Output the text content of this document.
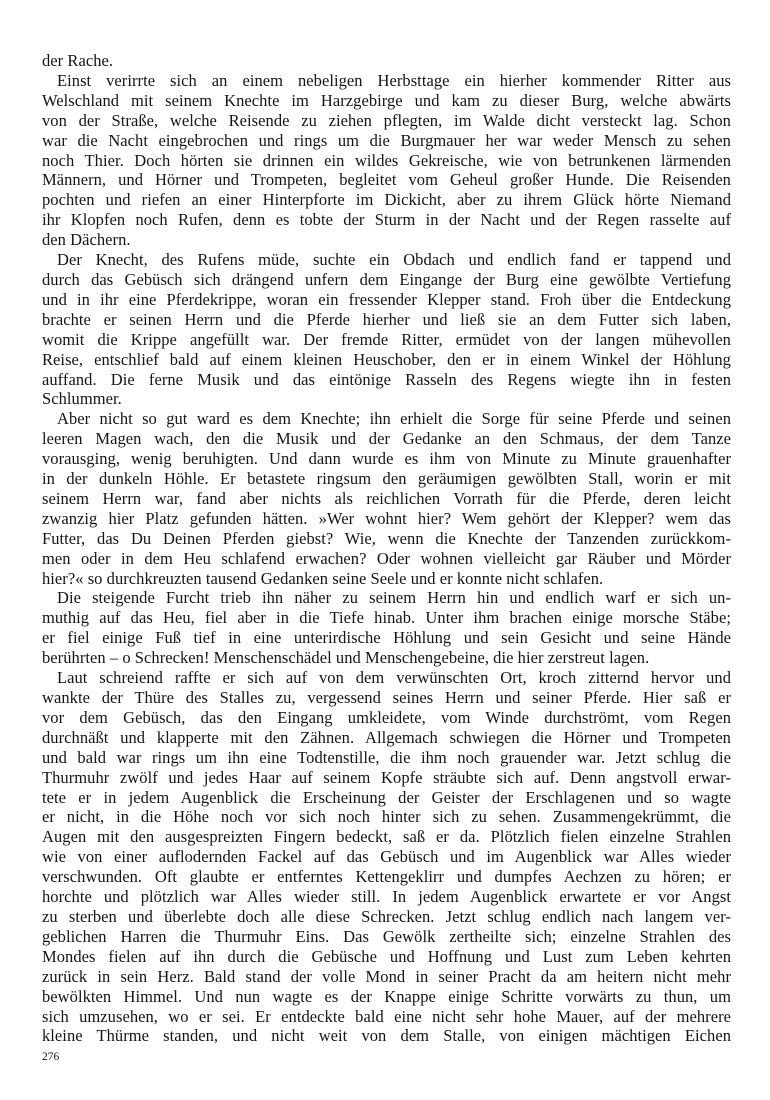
der Rache.
Einst verirrte sich an einem nebeligen Herbsttage ein hierher kommender Ritter aus
Welschland mit seinem Knechte im Harzgebirge und kam zu dieser Burg, welche abwärts
von der Straße, welche Reisende zu ziehen pflegten, im Walde dicht versteckt lag. Schon
war die Nacht eingebrochen und rings um die Burgmauer her war weder Mensch zu sehen
noch Thier. Doch hörten sie drinnen ein wildes Gekreische, wie von betrunkenen lärmenden
Männern, und Hörner und Trompeten, begleitet vom Geheul großer Hunde. Die Reisenden
pochten und riefen an einer Hinterpforte im Dickicht, aber zu ihrem Glück hörte Niemand
ihr Klopfen noch Rufen, denn es tobte der Sturm in der Nacht und der Regen rasselte auf
den Dächern.
Der Knecht, des Rufens müde, suchte ein Obdach und endlich fand er tappend und
durch das Gebüsch sich drängend unfern dem Eingange der Burg eine gewölbte Vertiefung
und in ihr eine Pferdekrippe, woran ein fressender Klepper stand. Froh über die Entdeckung
brachte er seinen Herrn und die Pferde hierher und ließ sie an dem Futter sich laben,
womit die Krippe angefüllt war. Der fremde Ritter, ermüdet von der langen mühevollen
Reise, entschlief bald auf einem kleinen Heuschober, den er in einem Winkel der Höhlung
auffand. Die ferne Musik und das eintönige Rasseln des Regens wiegte ihn in festen
Schlummer.
Aber nicht so gut ward es dem Knechte; ihn erhielt die Sorge für seine Pferde und seinen
leeren Magen wach, den die Musik und der Gedanke an den Schmaus, der dem Tanze
vorausging, wenig beruhigten. Und dann wurde es ihm von Minute zu Minute grauenhafter
in der dunkeln Höhle. Er betastete ringsum den geräumigen gewölbten Stall, worin er mit
seinem Herrn war, fand aber nichts als reichlichen Vorrath für die Pferde, deren leicht
zwanzig hier Platz gefunden hätten. »Wer wohnt hier? Wem gehört der Klepper? wem das
Futter, das Du Deinen Pferden giebst? Wie, wenn die Knechte der Tanzenden zurückkom-
men oder in dem Heu schlafend erwachen? Oder wohnen vielleicht gar Räuber und Mörder
hier?« so durchkreuzten tausend Gedanken seine Seele und er konnte nicht schlafen.
Die steigende Furcht trieb ihn näher zu seinem Herrn hin und endlich warf er sich un-
muthig auf das Heu, fiel aber in die Tiefe hinab. Unter ihm brachen einige morsche Stäbe;
er fiel einige Fuß tief in eine unterirdische Höhlung und sein Gesicht und seine Hände
berührten – o Schrecken! Menschenschädel und Menschengebeine, die hier zerstreut lagen.
Laut schreiend raffte er sich auf von dem verwünschten Ort, kroch zitternd hervor und
wankte der Thüre des Stalles zu, vergessend seines Herrn und seiner Pferde. Hier saß er
vor dem Gebüsch, das den Eingang umkleidete, vom Winde durchströmt, vom Regen
durchnäßt und klapperte mit den Zähnen. Allgemach schwiegen die Hörner und Trompeten
und bald war rings um ihn eine Todtenstille, die ihm noch grauender war. Jetzt schlug die
Thurmuhr zwölf und jedes Haar auf seinem Kopfe sträubte sich auf. Denn angstvoll erwar-
tete er in jedem Augenblick die Erscheinung der Geister der Erschlagenen und so wagte
er nicht, in die Höhe noch vor sich noch hinter sich zu sehen. Zusammengekrümmt, die
Augen mit den ausgespreizten Fingern bedeckt, saß er da. Plötzlich fielen einzelne Strahlen
wie von einer auflodernden Fackel auf das Gebüsch und im Augenblick war Alles wieder
verschwunden. Oft glaubte er entferntes Kettengeklirr und dumpfes Aechzen zu hören; er
horchte und plötzlich war Alles wieder still. In jedem Augenblick erwartete er vor Angst
zu sterben und überlebte doch alle diese Schrecken. Jetzt schlug endlich nach langem ver-
geblichen Harren die Thurmuhr Eins. Das Gewölk zertheilte sich; einzelne Strahlen des
Mondes fielen auf ihn durch die Gebüsche und Hoffnung und Lust zum Leben kehrten
zurück in sein Herz. Bald stand der volle Mond in seiner Pracht da am heitern nicht mehr
bewölkten Himmel. Und nun wagte es der Knappe einige Schritte vorwärts zu thun, um
sich umzusehen, wo er sei. Er entdeckte bald eine nicht sehr hohe Mauer, auf der mehrere
kleine Thürme standen, und nicht weit von dem Stalle, von einigen mächtigen Eichen
276
